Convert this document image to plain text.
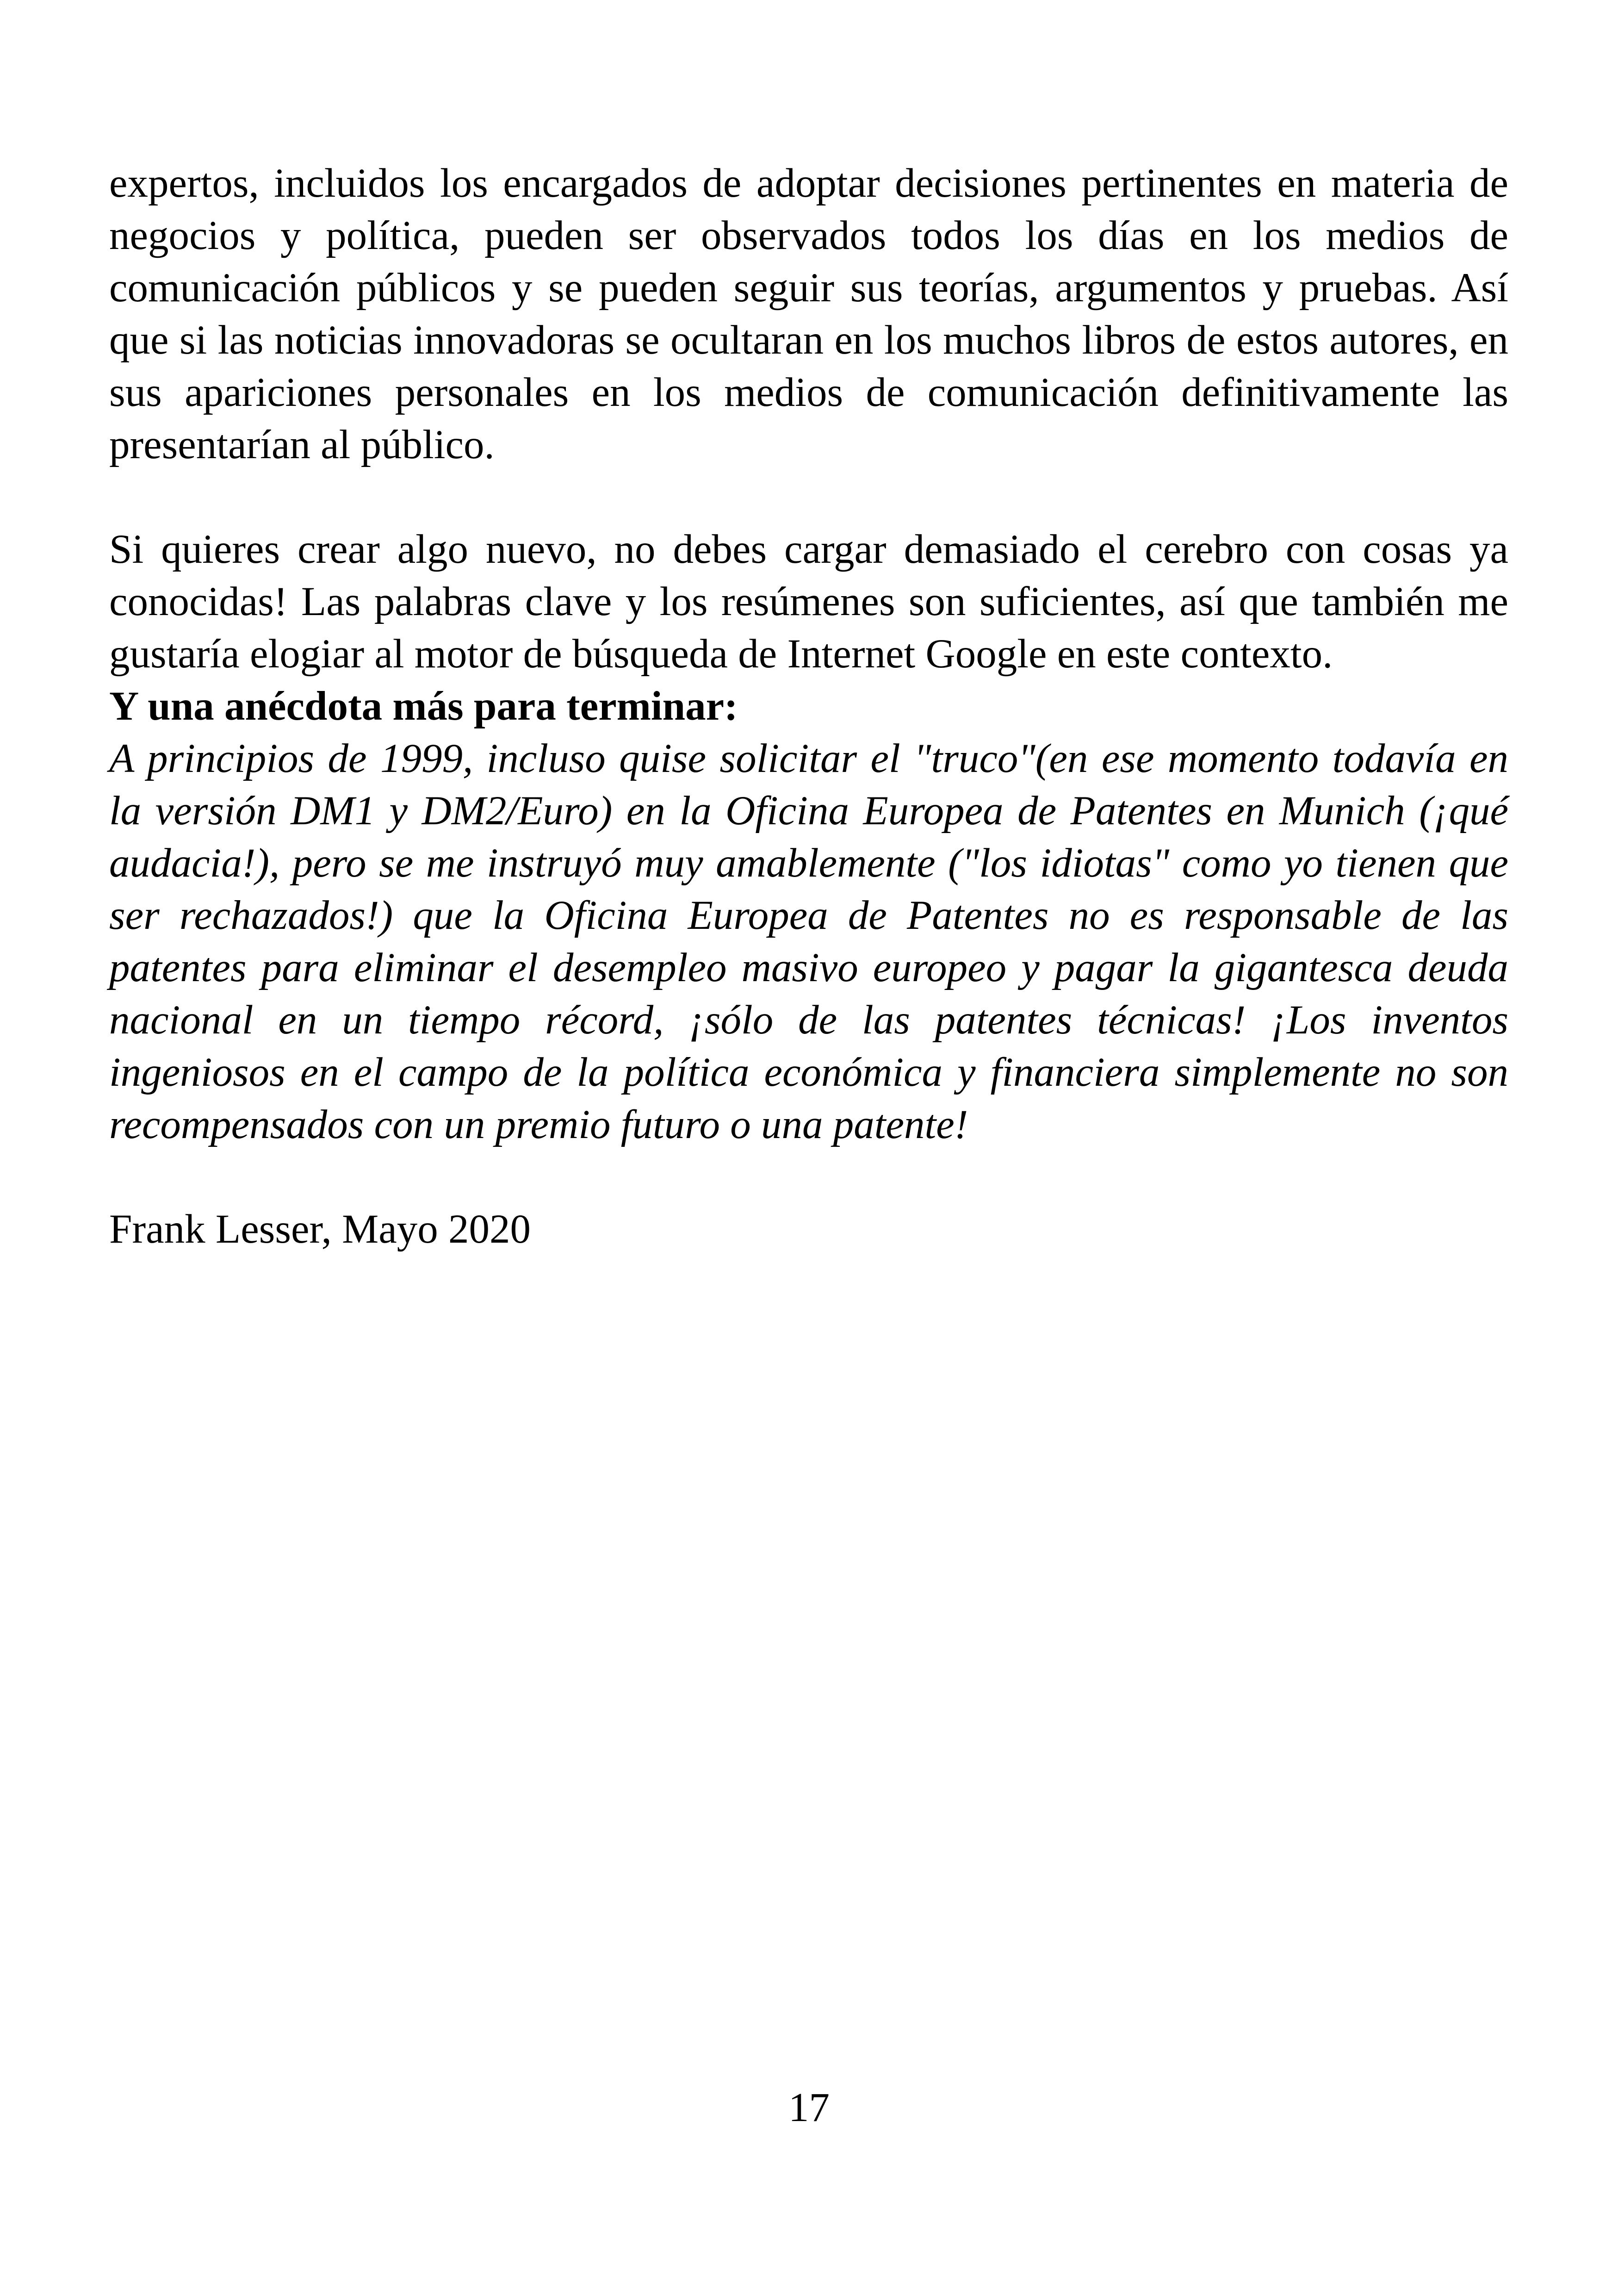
expertos, incluidos los encargados de adoptar decisiones pertinentes en materia de negocios y política, pueden ser observados todos los días en los medios de comunicación públicos y se pueden seguir sus teorías, argumentos y pruebas. Así que si las noticias innovadoras se ocultaran en los muchos libros de estos autores, en sus apariciones personales en los medios de comunicación definitivamente las presentarían al público.

Si quieres crear algo nuevo, no debes cargar demasiado el cerebro con cosas ya conocidas! Las palabras clave y los resúmenes son suficientes, así que también me gustaría elogiar al motor de búsqueda de Internet Google en este contexto.

Y una anécdota más para terminar:

A principios de 1999, incluso quise solicitar el "truco"(en ese momento todavía en la versión DM1 y DM2/Euro) en la Oficina Europea de Patentes en Munich (¡qué audacia!), pero se me instruyó muy amablemente ("los idiotas" como yo tienen que ser rechazados!) que la Oficina Europea de Patentes no es responsable de las patentes para eliminar el desempleo masivo europeo y pagar la gigantesca deuda nacional en un tiempo récord, ¡sólo de las patentes técnicas! ¡Los inventos ingeniosos en el campo de la política económica y financiera simplemente no son recompensados con un premio futuro o una patente!

Frank Lesser, Mayo 2020

17
